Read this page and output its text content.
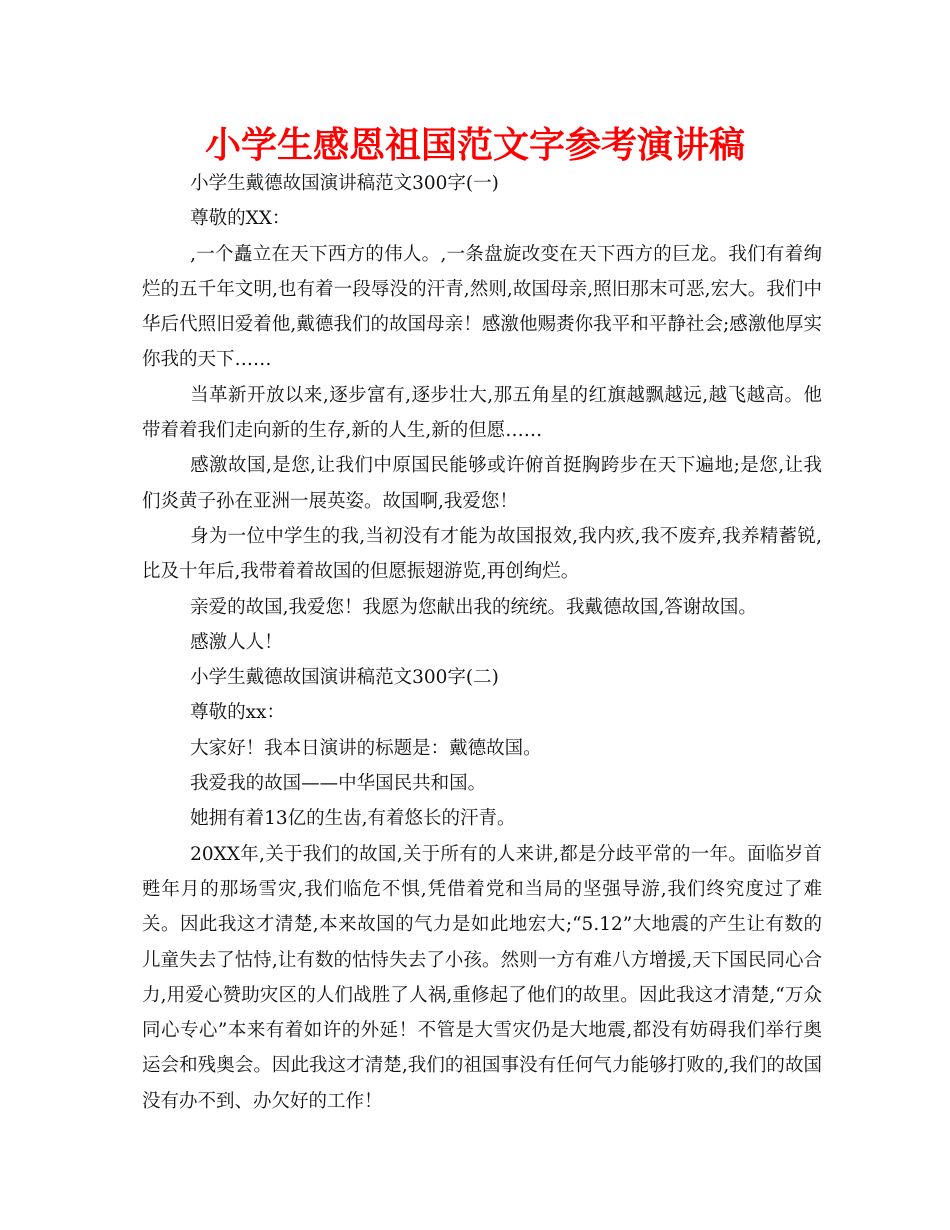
小学生感恩祖国范文字参考演讲稿

小学生戴德故国演讲稿范文300字(一)

尊敬的XX：

,一个矗立在天下西方的伟人。,一条盘旋改变在天下西方的巨龙。我们有着绚烂的五千年文明,也有着一段辱没的汗青,然则,故国母亲,照旧那末可恶,宏大。我们中华后代照旧爱着他,戴德我们的故国母亲！感激他赐赉你我平和平静社会;感激他厚实你我的天下……

当革新开放以来,逐步富有,逐步壮大,那五角星的红旗越飘越远,越飞越高。他带着着我们走向新的生存,新的人生,新的但愿……

感激故国,是您,让我们中原国民能够或许俯首挺胸跨步在天下遍地;是您,让我们炎黄子孙在亚洲一展英姿。故国啊,我爱您！

身为一位中学生的我,当初没有才能为故国报效,我内疚,我不废弃,我养精蓄锐,比及十年后,我带着着故国的但愿振翅游览,再创绚烂。

亲爱的故国,我爱您！我愿为您献出我的统统。我戴德故国,答谢故国。

感激人人！

小学生戴德故国演讲稿范文300字(二)

尊敬的xx：

大家好！我本日演讲的标题是：戴德故国。

我爱我的故国——中华国民共和国。

她拥有着13亿的生齿,有着悠长的汗青。

20XX年,关于我们的故国,关于所有的人来讲,都是分歧平常的一年。面临岁首甦年月的那场雪灾,我们临危不惧,凭借着党和当局的坚强导游,我们终究度过了难关。因此我这才清楚,本来故国的气力是如此地宏大;“5.12”大地震的产生让有数的儿童失去了怙恃,让有数的怙恃失去了小孩。然则一方有难八方增援,天下国民同心合力,用爱心赞助灾区的人们战胜了人祸,重修起了他们的故里。因此我这才清楚,“万众同心专心”本来有着如许的外延！不管是大雪灾仍是大地震,都没有妨碍我们举行奥运会和残奥会。因此我这才清楚,我们的祖国事没有任何气力能够打败的,我们的故国没有办不到、办欠好的工作！
